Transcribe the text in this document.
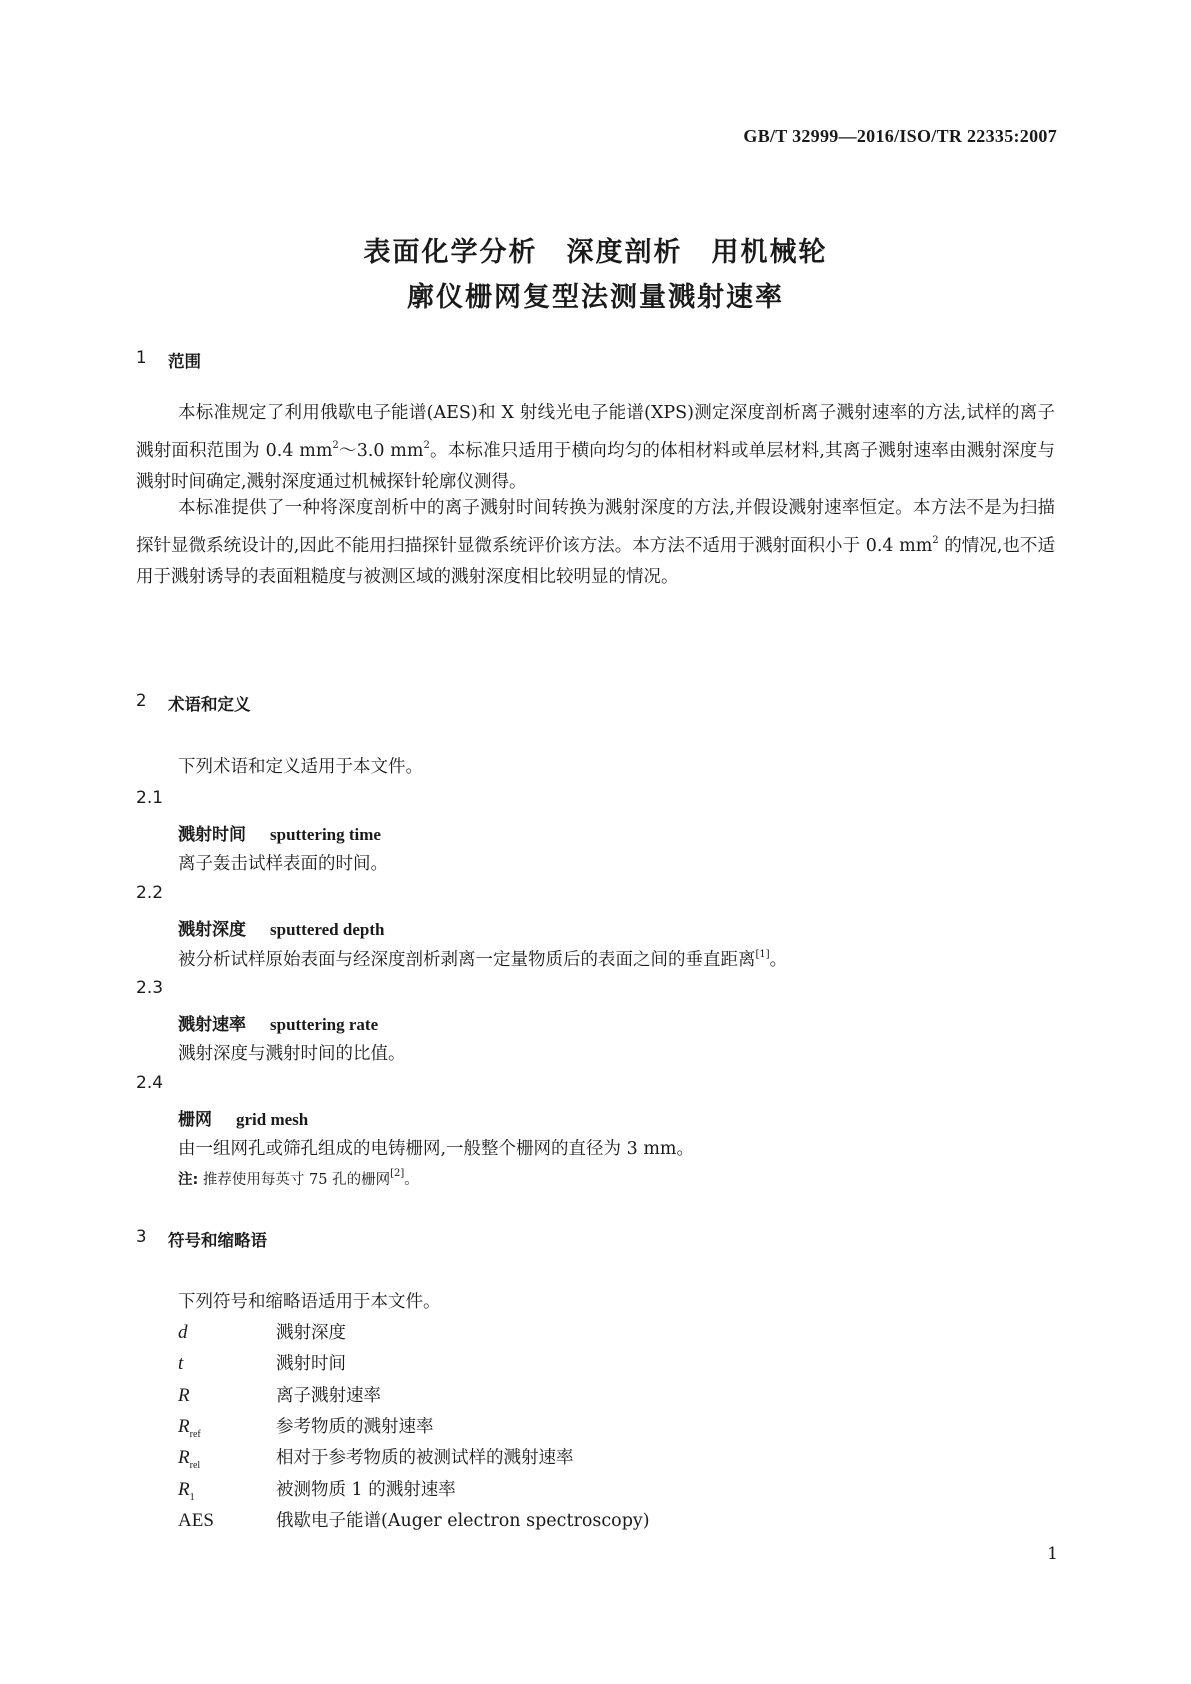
GB/T 32999—2016/ISO/TR 22335:2007
表面化学分析　深度剖析　用机械轮
廓仪栅网复型法测量溅射速率
1	范围

本标准规定了利用俄歇电子能谱(AES)和 X 射线光电子能谱(XPS)测定深度剖析离子溅射速率的方法,试样的离子溅射面积范围为 0.4 mm$^2$～3.0 mm$^2$。本标准只适用于横向均匀的体相材料或单层材料,其离子溅射速率由溅射深度与溅射时间确定,溅射深度通过机械探针轮廓仪测得。

本标准提供了一种将深度剖析中的离子溅射时间转换为溅射深度的方法,并假设溅射速率恒定。本方法不是为扫描探针显微系统设计的,因此不能用扫描探针显微系统评价该方法。本方法不适用于溅射面积小于 0.4 mm$^2$ 的情况,也不适用于溅射诱导的表面粗糙度与被测区域的溅射深度相比较明显的情况。

2	术语和定义
下列术语和定义适用于本文件。
2.1
溅射时间 sputtering time
离子轰击试样表面的时间。
2.2
溅射深度 sputtered depth
被分析试样原始表面与经深度剖析剥离一定量物质后的表面之间的垂直距离[1]。
2.3
溅射速率 sputtering rate
溅射深度与溅射时间的比值。
2.4
栅网 grid mesh
由一组网孔或筛孔组成的电铸栅网,一般整个栅网的直径为 3 mm。
注: 推荐使用每英寸 75 孔的栅网[2]。
3	符号和缩略语
下列符号和缩略语适用于本文件。
d	溅射深度
t	溅射时间
R	离子溅射速率
$R_{ref}$	参考物质的溅射速率
$R_{rel}$	相对于参考物质的被测试样的溅射速率
$R_1$	被测物质 1 的溅射速率
AES	俄歇电子能谱(Auger electron spectroscopy)
1
